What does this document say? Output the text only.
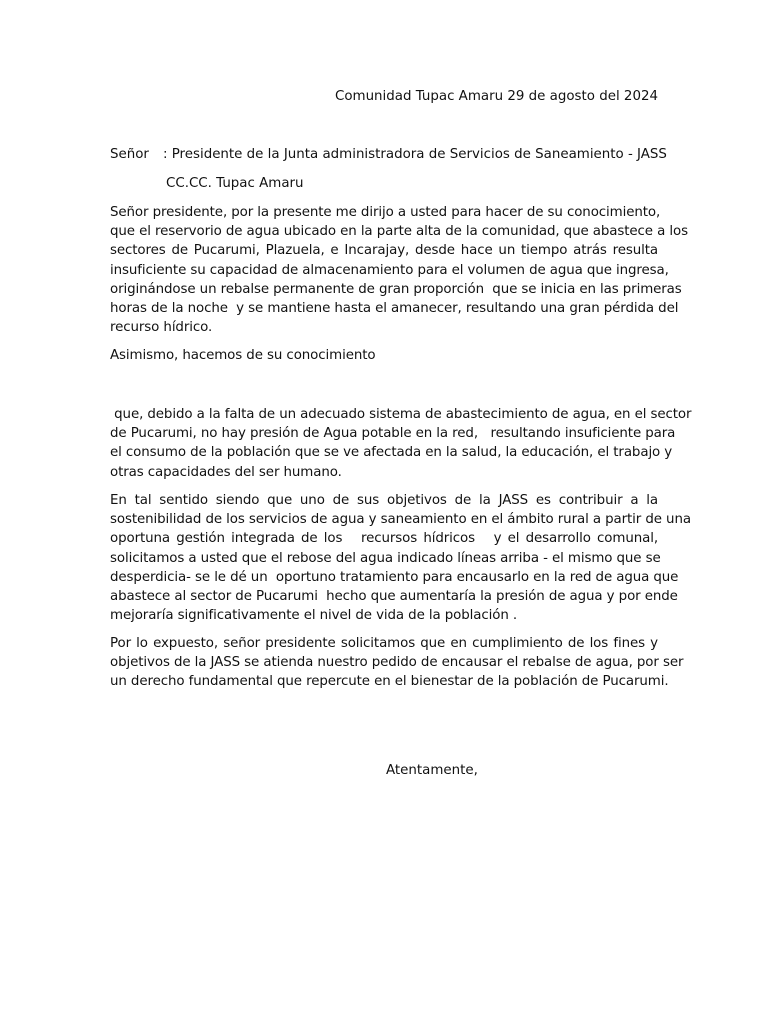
Comunidad Tupac Amaru 29 de agosto del 2024
Señor : Presidente de la Junta administradora de Servicios de Saneamiento - JASS
CC.CC. Tupac Amaru
Señor presidente, por la presente me dirijo a usted para hacer de su conocimiento,
que el reservorio de agua ubicado en la parte alta de la comunidad, que abastece a los
sectores de Pucarumi, Plazuela, e Incarajay, desde hace un tiempo atrás resulta
insuficiente su capacidad de almacenamiento para el volumen de agua que ingresa,
originándose un rebalse permanente de gran proporción  que se inicia en las primeras
horas de la noche  y se mantiene hasta el amanecer, resultando una gran pérdida del
recurso hídrico.
Asimismo, hacemos de su conocimiento
que, debido a la falta de un adecuado sistema de abastecimiento de agua, en el sector
de Pucarumi, no hay presión de Agua potable en la red,   resultando insuficiente para
el consumo de la población que se ve afectada en la salud, la educación, el trabajo y
otras capacidades del ser humano.
En tal sentido siendo que uno de sus objetivos de la JASS es contribuir a la
sostenibilidad de los servicios de agua y saneamiento en el ámbito rural a partir de una
oportuna gestión integrada de los   recursos hídricos   y el desarrollo comunal,
solicitamos a usted que el rebose del agua indicado líneas arriba - el mismo que se
desperdicia- se le dé un  oportuno tratamiento para encausarlo en la red de agua que
abastece al sector de Pucarumi  hecho que aumentaría la presión de agua y por ende
mejoraría significativamente el nivel de vida de la población .
Por lo expuesto, señor presidente solicitamos que en cumplimiento de los fines y
objetivos de la JASS se atienda nuestro pedido de encausar el rebalse de agua, por ser
un derecho fundamental que repercute en el bienestar de la población de Pucarumi.
Atentamente,
